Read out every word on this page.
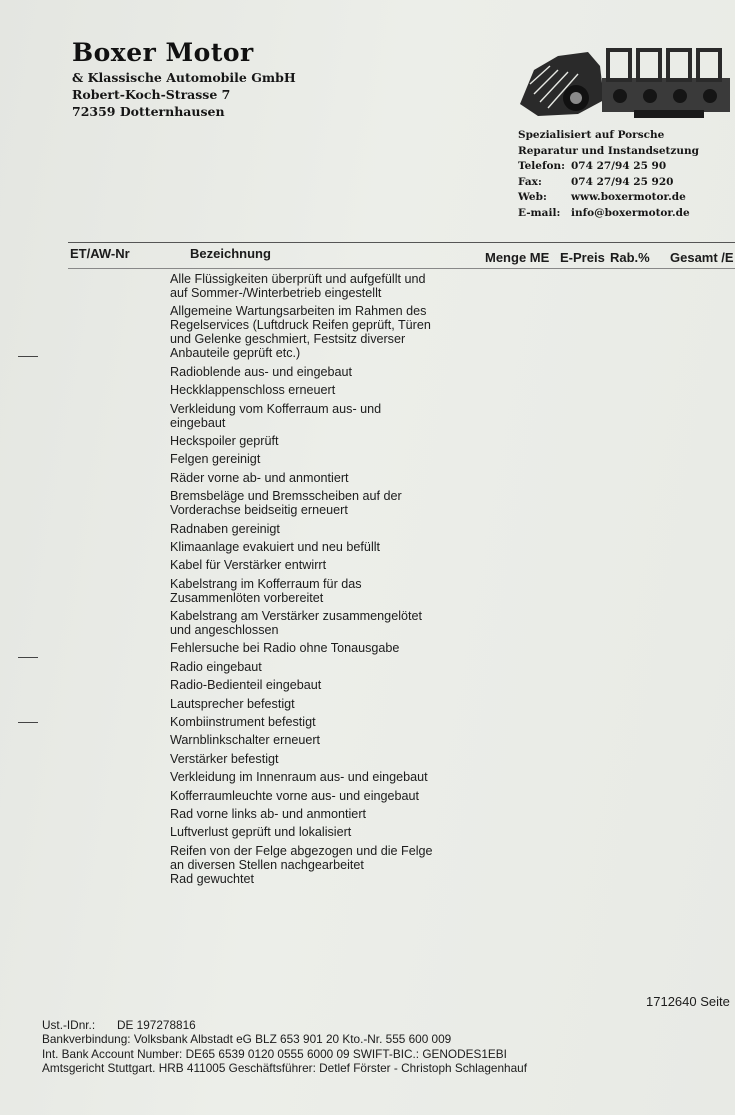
Boxer Motor
& Klassische Automobile GmbH
Robert-Koch-Strasse 7
72359 Dotternhausen
Spezialisiert auf Porsche
Reparatur und Instandsetzung
Telefon: 074 27/94 25 90
Fax:	074 27/94 25 920
Web: www.boxermotor.de
E-mail: info@boxermotor.de
ET/AW-Nr	Bezeichnung	Menge ME E-Preis Rab.% Gesamt /E
Alle Flüssigkeiten überprüft und aufgefüllt und
auf Sommer-/Winterbetrieb eingestellt
Allgemeine Wartungsarbeiten im Rahmen des
Regelservices (Luftdruck Reifen geprüft, Türen
und Gelenke geschmiert, Festsitz diverser
Anbauteile geprüft etc.)
Radioblende aus- und eingebaut
Heckklappenschloss erneuert
Verkleidung vom Kofferraum aus- und
eingebaut
Heckspoiler geprüft
Felgen gereinigt
Räder vorne ab- und anmontiert
Bremsbeläge und Bremsscheiben auf der
Vorderachse beidseitig erneuert
Radnaben gereinigt
Klimaanlage evakuiert und neu befüllt
Kabel für Verstärker entwirrt
Kabelstrang im Kofferraum für das
Zusammenlöten vorbereitet
Kabelstrang am Verstärker zusammengelötet
und angeschlossen
Fehlersuche bei Radio ohne Tonausgabe
Radio eingebaut
Radio-Bedienteil eingebaut
Lautsprecher befestigt
Kombiinstrument befestigt
Warnblinkschalter erneuert
Verstärker befestigt
Verkleidung im Innenraum aus- und eingebaut
Kofferraumleuchte vorne aus- und eingebaut
Rad vorne links ab- und anmontiert
Luftverlust geprüft und lokalisiert
Reifen von der Felge abgezogen und die Felge
an diversen Stellen nachgearbeitet
Rad gewuchtet
1712640 Seite
Ust.-IDnr.: DE 197278816
Bankverbindung: Volksbank Albstadt eG BLZ 653 901 20 Kto.-Nr. 555 600 009
Int. Bank Account Number: DE65 6539 0120 0555 6000 09 SWIFT-BIC.: GENODES1EBI
Amtsgericht Stuttgart. HRB 411005 Geschäftsführer: Detlef Förster - Christoph Schlagenhauf
